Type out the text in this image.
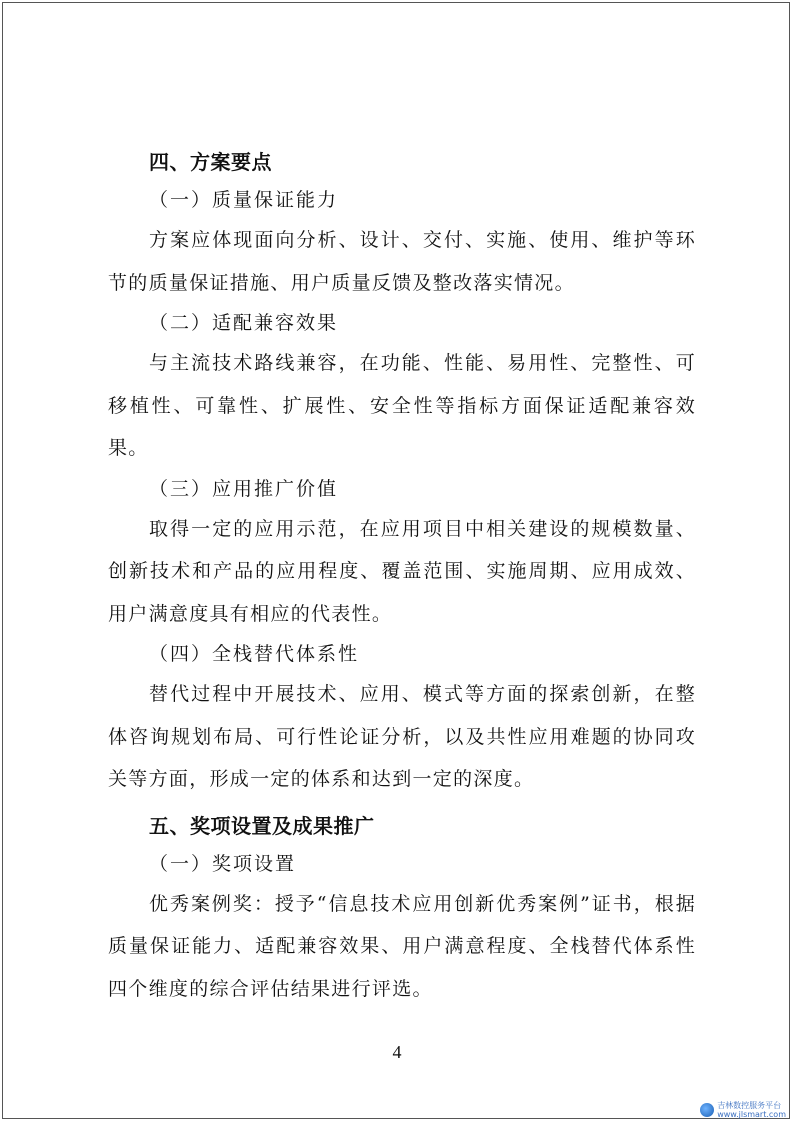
四、方案要点
（一）质量保证能力

方案应体现面向分析、设计、交付、实施、使用、维护等环节的质量保证措施、用户质量反馈及整改落实情况。

（二）适配兼容效果

与主流技术路线兼容，在功能、性能、易用性、完整性、可移植性、可靠性、扩展性、安全性等指标方面保证适配兼容效果。

（三）应用推广价值

取得一定的应用示范，在应用项目中相关建设的规模数量、创新技术和产品的应用程度、覆盖范围、实施周期、应用成效、用户满意度具有相应的代表性。

（四）全栈替代体系性

替代过程中开展技术、应用、模式等方面的探索创新，在整体咨询规划布局、可行性论证分析，以及共性应用难题的协同攻关等方面，形成一定的体系和达到一定的深度。

五、奖项设置及成果推广
（一）奖项设置

优秀案例奖：授予“信息技术应用创新优秀案例”证书，根据质量保证能力、适配兼容效果、用户满意程度、全栈替代体系性四个维度的综合评估结果进行评选。

4
吉林数控服务平台
www.jlsmart.com
